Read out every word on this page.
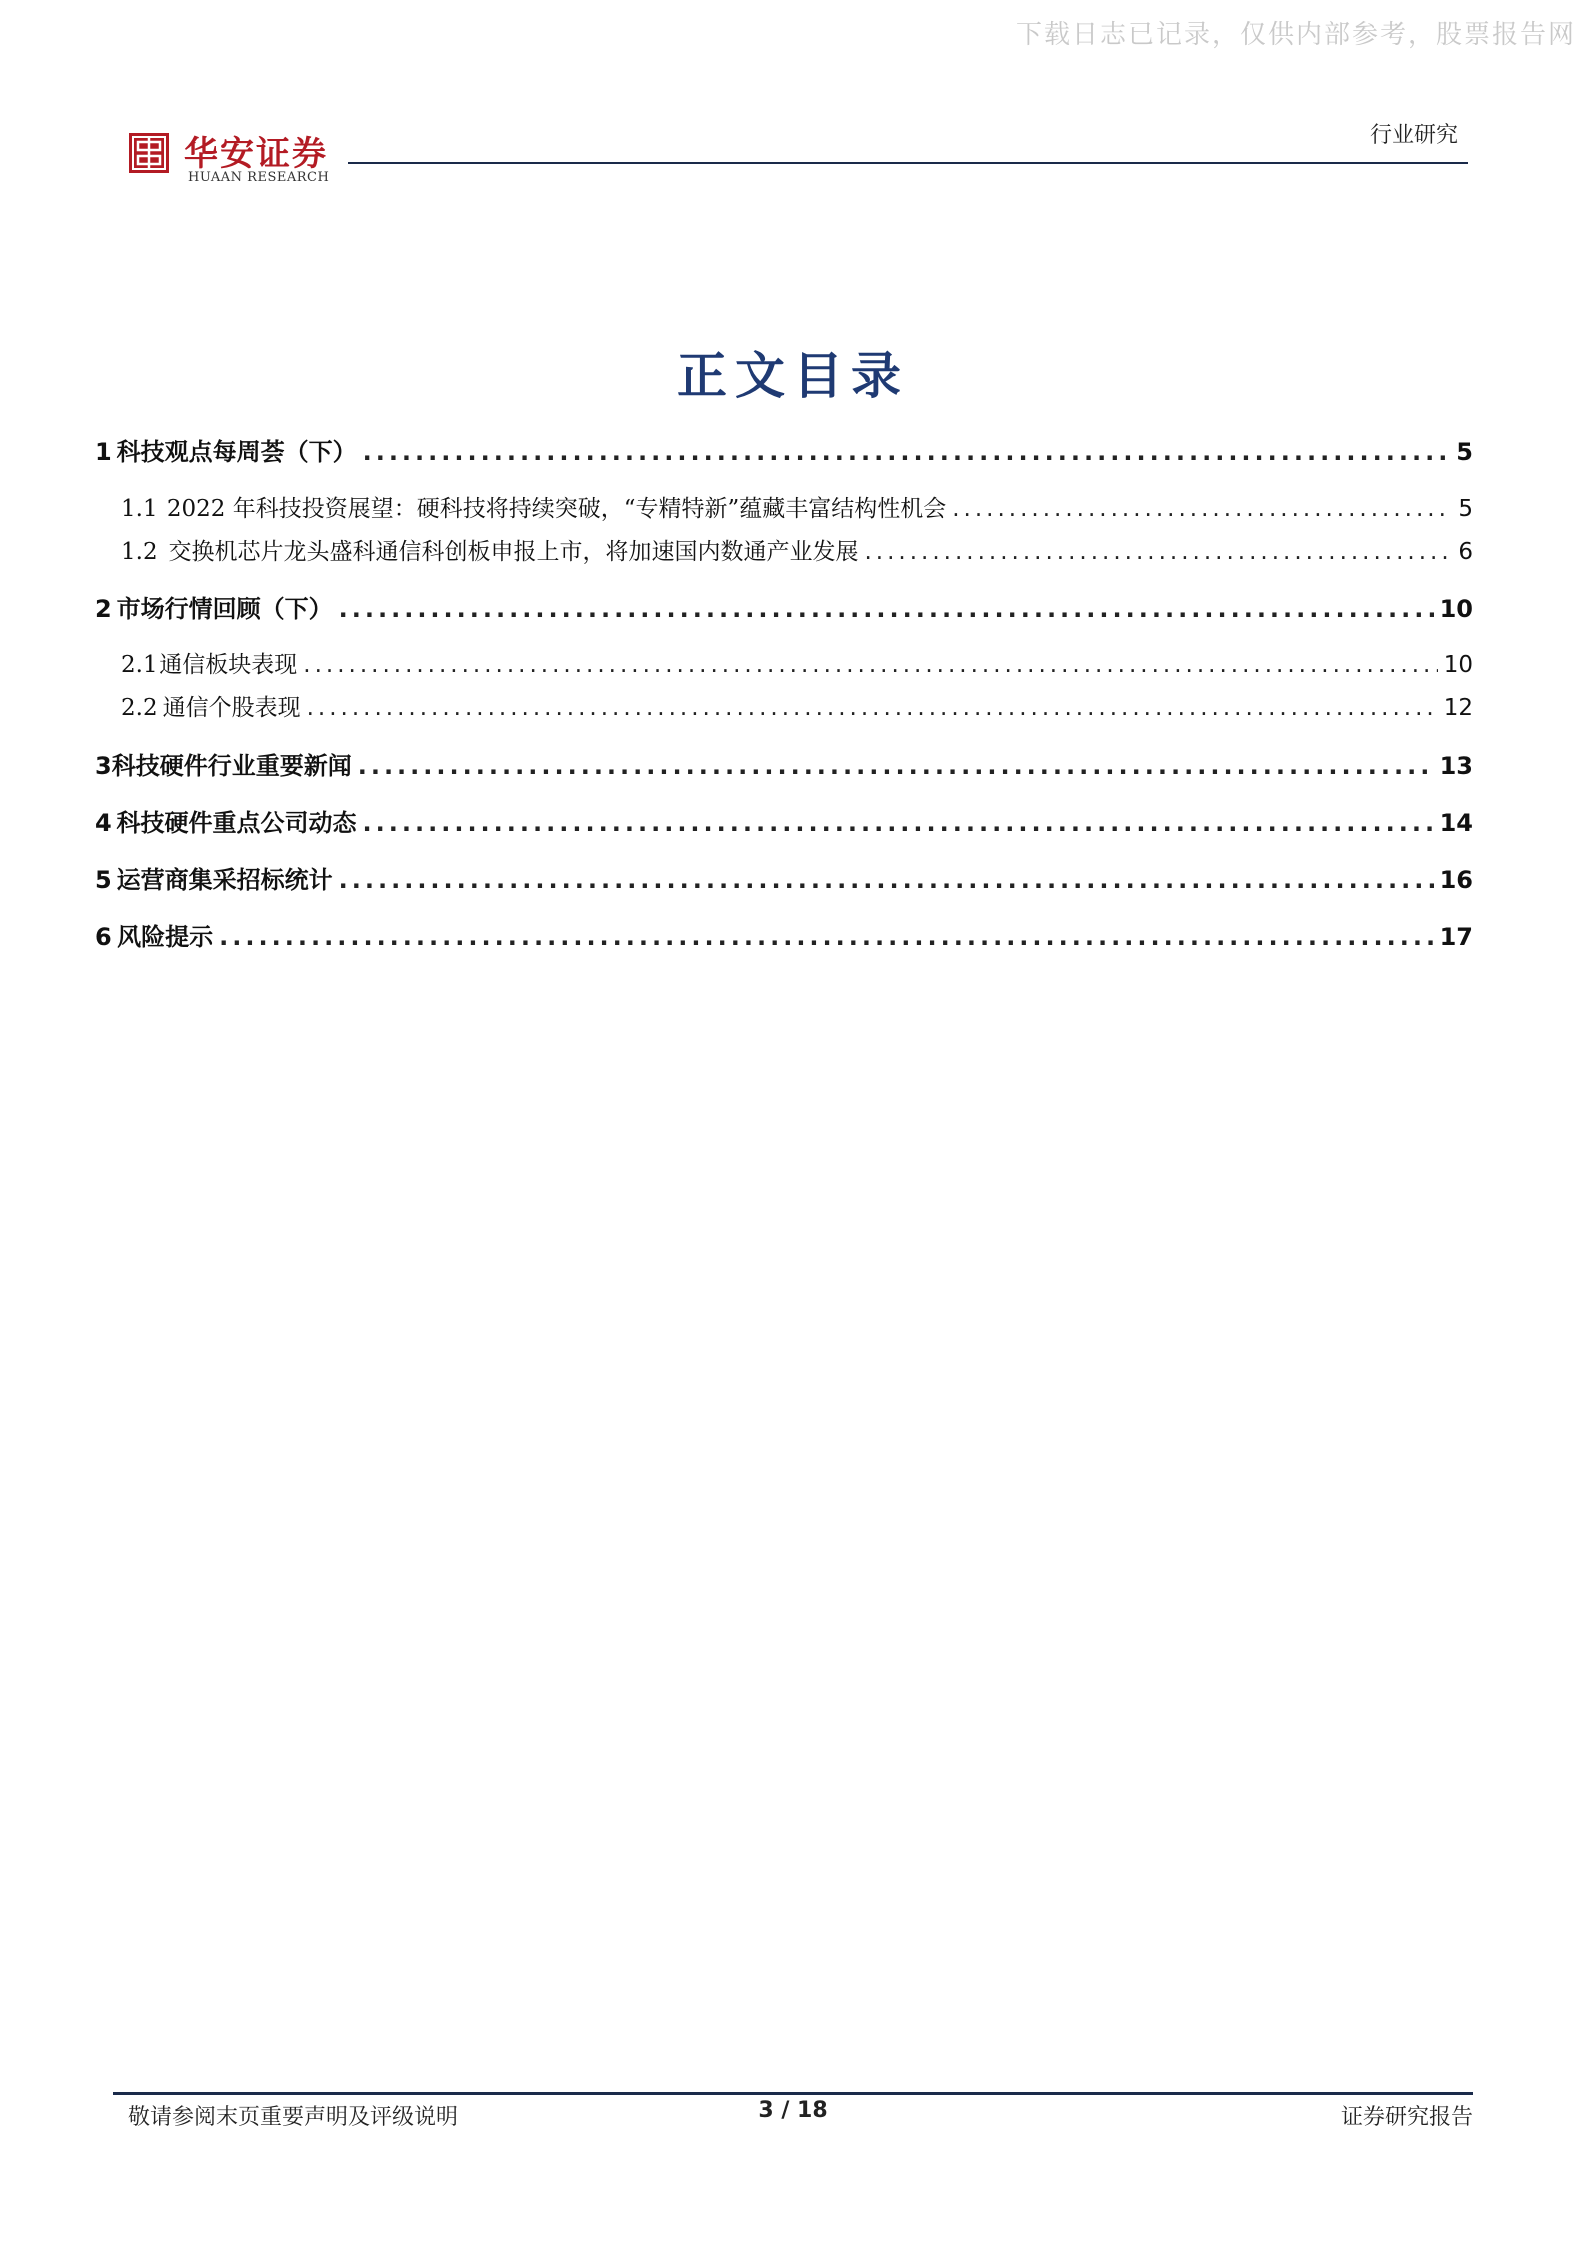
下载日志已记录，仅供内部参考，股票报告网
华安证券
HUAAN RESEARCH
行业研究
正文目录
1 科技观点每周荟（下） .....	5
1.1 2022 年科技投资展望：硬科技将持续突破，“专精特新”蕴藏丰富结构性机会 .....	5
1.2 交换机芯片龙头盛科通信科创板申报上市，将加速国内数通产业发展 .....	6
2 市场行情回顾（下） .....	10
2.1 通信板块表现 .....	10
2.2 通信个股表现 .....	12
3 科技硬件行业重要新闻 .....	13
4 科技硬件重点公司动态 .....	14
5 运营商集采招标统计 .....	16
6 风险提示 .....	17
敬请参阅末页重要声明及评级说明	3 / 18	证券研究报告
